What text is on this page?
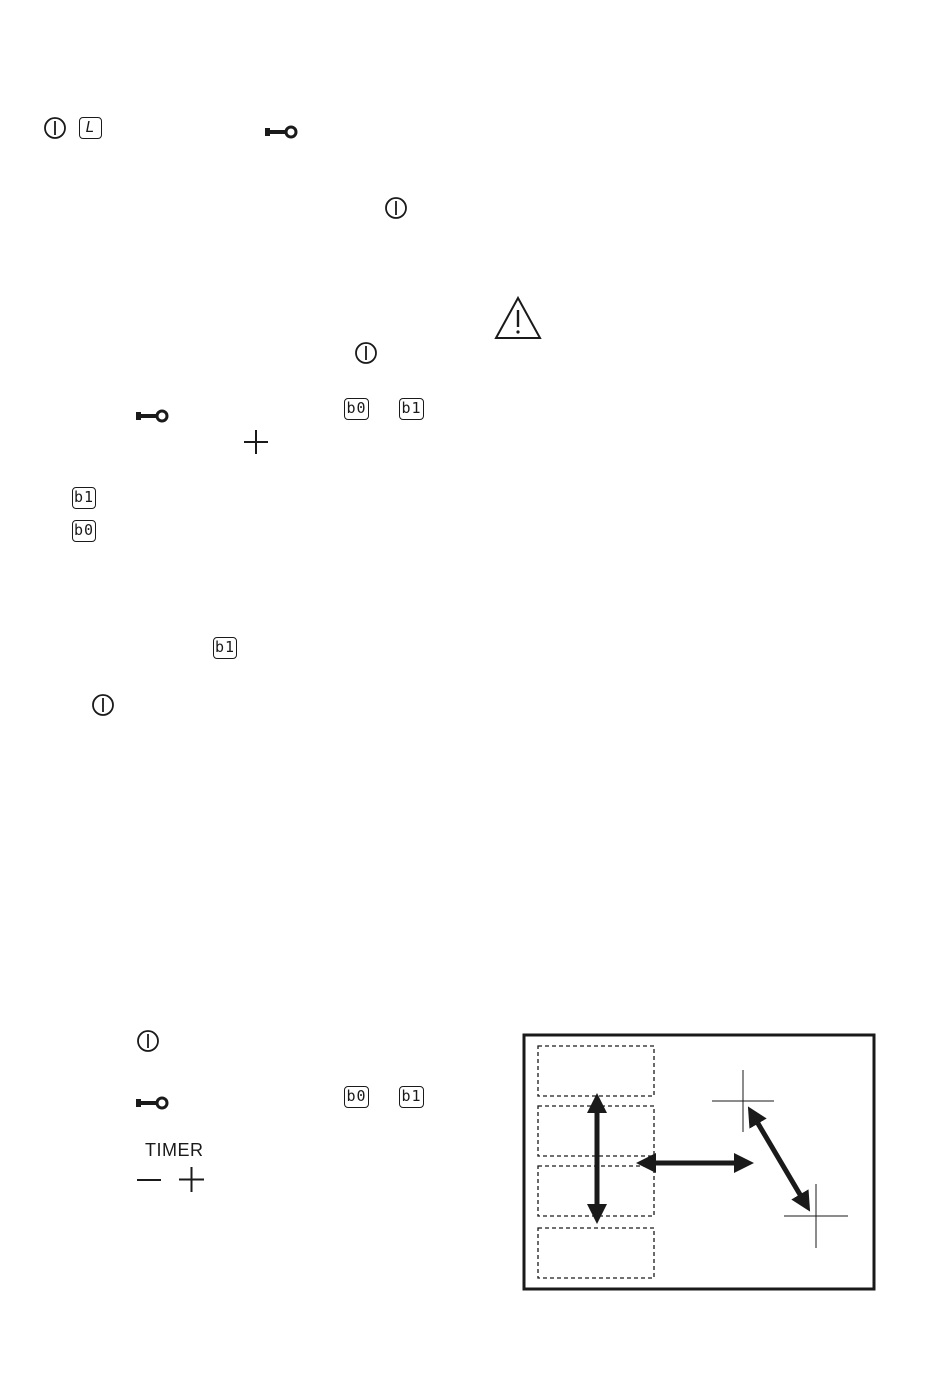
L
b0 b1
b1
b0
b1
b0 b1
TIMER
